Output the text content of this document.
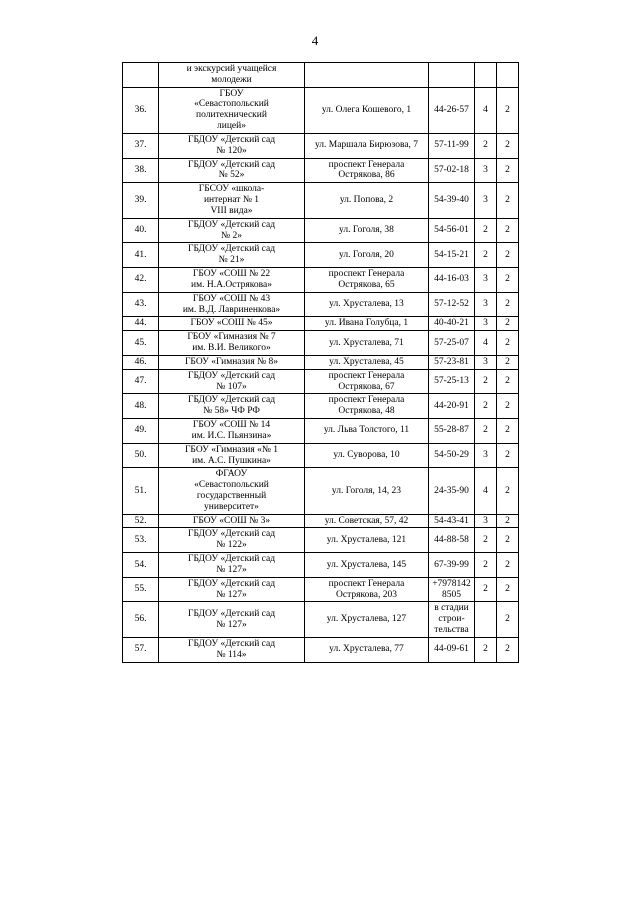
4

	и экскурсий учащейся
молодежи				

36.	ГБОУ
«Севастопольский
политехнический
лицей»	ул. Олега Кошевого, 1	44-26-57	4	2

37.	ГБДОУ «Детский сад
№ 120»	ул. Маршала Бирюзова, 7	57-11-99	2	2

38.	ГБДОУ «Детский сад
№ 52»	проспект Генерала
Острякова, 86	57-02-18	3	2

39.	ГБСОУ «школа-
интернат № 1
VIII вида»	ул. Попова, 2	54-39-40	3	2

40.	ГБДОУ «Детский сад
№ 2»	ул. Гоголя, 38	54-56-01	2	2

41.	ГБДОУ «Детский сад
№ 21»	ул. Гоголя, 20	54-15-21	2	2

42.	ГБОУ «СОШ № 22
им. Н.А.Острякова»	проспект Генерала
Острякова, 65	44-16-03	3	2

43.	ГБОУ «СОШ № 43
им. В.Д. Лавриненкова»	ул. Хрусталева, 13	57-12-52	3	2

44.	ГБОУ «СОШ № 45»	ул. Ивана Голубца, 1	40-40-21	3	2

45.	ГБОУ «Гимназия № 7
им. В.И. Великого»	ул. Хрусталева, 71	57-25-07	4	2

46.	ГБОУ «Гимназия № 8»	ул. Хрусталева, 45	57-23-81	3	2

47.	ГБДОУ «Детский сад
№ 107»	проспект Генерала
Острякова, 67	57-25-13	2	2

48.	ГБДОУ «Детский сад
№ 58» ЧФ РФ	проспект Генерала
Острякова, 48	44-20-91	2	2

49.	ГБОУ «СОШ № 14
им. И.С. Пьянзина»	ул. Льва Толстого, 11	55-28-87	2	2

50.	ГБОУ «Гимназия «№ 1
им. А.С. Пушкина»	ул. Суворова, 10	54-50-29	3	2

51.	ФГАОУ
«Севастопольский
государственный
университет»	ул. Гоголя, 14, 23	24-35-90	4	2

52.	ГБОУ «СОШ № 3»	ул. Советская, 57, 42	54-43-41	3	2

53.	ГБДОУ «Детский сад
№ 122»	ул. Хрусталева, 121	44-88-58	2	2

54.	ГБДОУ «Детский сад
№ 127»	ул. Хрусталева, 145	67-39-99	2	2

55.	ГБДОУ «Детский сад
№ 127»	проспект Генерала
Острякова, 203	+7978142
8505	2	2

56.	ГБДОУ «Детский сад
№ 127»	ул. Хрусталева, 127	в стадии
строи-
тельства		2

57.	ГБДОУ «Детский сад
№ 114»	ул. Хрусталева, 77	44-09-61	2	2
